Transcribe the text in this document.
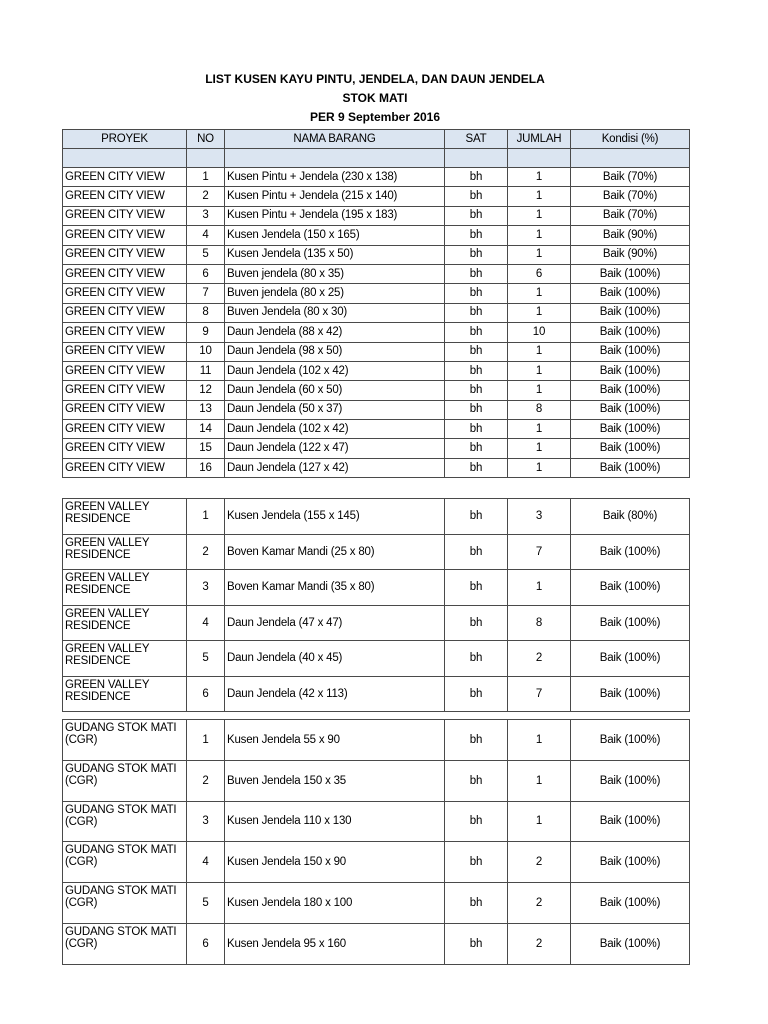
LIST KUSEN KAYU PINTU, JENDELA, DAN DAUN JENDELA
STOK MATI
PER 9 September 2016
PROYEK	NO	NAMA BARANG	SAT	JUMLAH	Kondisi (%)

GREEN CITY VIEW	1	Kusen Pintu + Jendela (230 x 138)	bh	1	Baik (70%)
GREEN CITY VIEW	2	Kusen Pintu + Jendela (215 x 140)	bh	1	Baik (70%)
GREEN CITY VIEW	3	Kusen Pintu + Jendela (195 x 183)	bh	1	Baik (70%)
GREEN CITY VIEW	4	Kusen Jendela (150 x 165)	bh	1	Baik (90%)
GREEN CITY VIEW	5	Kusen Jendela (135 x 50)	bh	1	Baik (90%)
GREEN CITY VIEW	6	Buven jendela (80 x 35)	bh	6	Baik (100%)
GREEN CITY VIEW	7	Buven jendela (80 x 25)	bh	1	Baik (100%)
GREEN CITY VIEW	8	Buven Jendela (80 x 30)	bh	1	Baik (100%)
GREEN CITY VIEW	9	Daun Jendela (88 x 42)	bh	10	Baik (100%)
GREEN CITY VIEW	10	Daun Jendela (98 x 50)	bh	1	Baik (100%)
GREEN CITY VIEW	11	Daun Jendela (102 x 42)	bh	1	Baik (100%)
GREEN CITY VIEW	12	Daun Jendela (60 x 50)	bh	1	Baik (100%)
GREEN CITY VIEW	13	Daun Jendela (50 x 37)	bh	8	Baik (100%)
GREEN CITY VIEW	14	Daun Jendela (102 x 42)	bh	1	Baik (100%)
GREEN CITY VIEW	15	Daun Jendela (122 x 47)	bh	1	Baik (100%)
GREEN CITY VIEW	16	Daun Jendela (127 x 42)	bh	1	Baik (100%)
GREEN VALLEY RESIDENCE	1	Kusen Jendela (155 x 145)	bh	3	Baik (80%)
GREEN VALLEY RESIDENCE	2	Boven Kamar Mandi (25 x 80)	bh	7	Baik (100%)
GREEN VALLEY RESIDENCE	3	Boven Kamar Mandi (35 x 80)	bh	1	Baik (100%)
GREEN VALLEY RESIDENCE	4	Daun Jendela (47 x 47)	bh	8	Baik (100%)
GREEN VALLEY RESIDENCE	5	Daun Jendela (40 x 45)	bh	2	Baik (100%)
GREEN VALLEY RESIDENCE	6	Daun Jendela (42 x 113)	bh	7	Baik (100%)
GUDANG STOK MATI (CGR)	1	Kusen Jendela 55 x 90	bh	1	Baik (100%)
GUDANG STOK MATI (CGR)	2	Buven Jendela 150 x 35	bh	1	Baik (100%)
GUDANG STOK MATI (CGR)	3	Kusen Jendela 110 x 130	bh	1	Baik (100%)
GUDANG STOK MATI (CGR)	4	Kusen Jendela 150 x 90	bh	2	Baik (100%)
GUDANG STOK MATI (CGR)	5	Kusen Jendela 180 x 100	bh	2	Baik (100%)
GUDANG STOK MATI (CGR)	6	Kusen Jendela 95 x 160	bh	2	Baik (100%)
